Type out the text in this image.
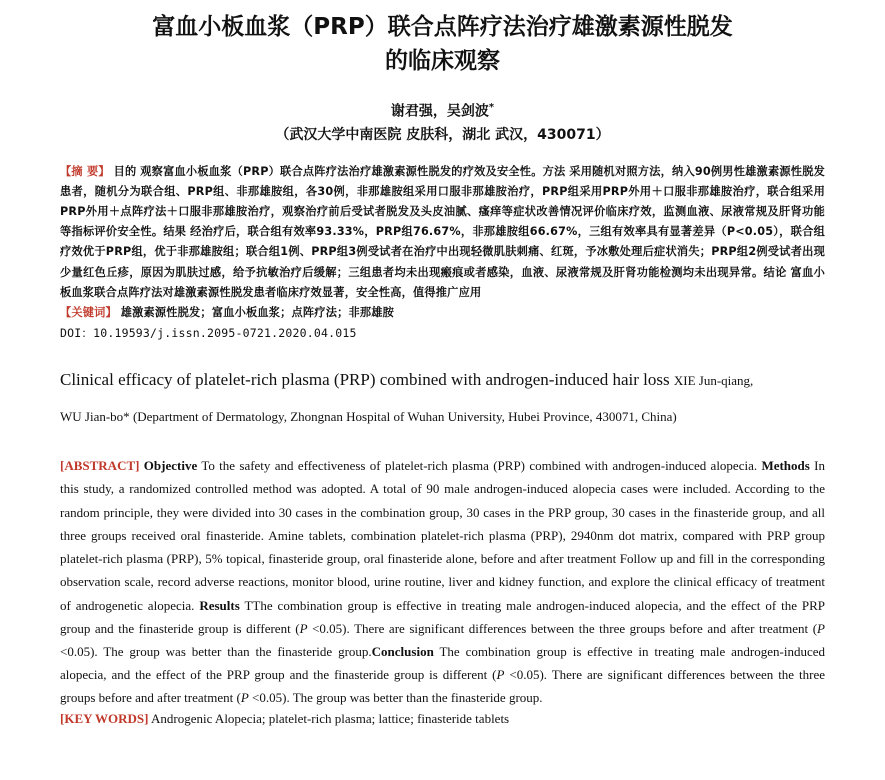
富血小板血浆（PRP）联合点阵疗法治疗雄激素源性脱发
的临床观察
谢君强，吴剑波*
（武汉大学中南医院 皮肤科，湖北 武汉，430071）
【摘 要】 目的 观察富血小板血浆（PRP）联合点阵疗法治疗雄激素源性脱发的疗效及安全性。方法 采用随机对照方法，纳入90例男性雄激素源性脱发患者，随机分为联合组、PRP组、非那雄胺组，各30例，非那雄胺组采用口服非那雄胺治疗，PRP组采用PRP外用＋口服非那雄胺治疗，联合组采用PRP外用＋点阵疗法＋口服非那雄胺治疗，观察治疗前后受试者脱发及头皮油腻、瘙痒等症状改善情况评价临床疗效，监测血液、尿液常规及肝肾功能等指标评价安全性。结果 经治疗后，联合组有效率93.33%，PRP组76.67%，非那雄胺组66.67%，三组有效率具有显著差异（P<0.05），联合组疗效优于PRP组，优于非那雄胺组；联合组1例、PRP组3例受试者在治疗中出现轻微肌肤刺痛、红斑，予冰敷处理后症状消失；PRP组2例受试者出现少量红色丘疹，原因为肌肤过感，给予抗敏治疗后缓解；三组患者均未出现瘢痕或者感染，血液、尿液常规及肝肾功能检测均未出现异常。结论 富血小板血浆联合点阵疗法对雄激素源性脱发患者临床疗效显著，安全性高，值得推广应用
【关键词】 雄激素源性脱发；富血小板血浆；点阵疗法；非那雄胺
DOI：10.19593/j.issn.2095-0721.2020.04.015
Clinical efficacy of platelet-rich plasma (PRP) combined with androgen-induced hair loss XIE Jun-qiang,
WU Jian-bo* (Department of Dermatology, Zhongnan Hospital of Wuhan University, Hubei Province, 430071, China)
[ABSTRACT] Objective To the safety and effectiveness of platelet-rich plasma (PRP) combined with androgen-induced alopecia. Methods In this study, a randomized controlled method was adopted. A total of 90 male androgen-induced alopecia cases were included. According to the random principle, they were divided into 30 cases in the combination group, 30 cases in the PRP group, 30 cases in the finasteride group, and all three groups received oral finasteride. Amine tablets, combination platelet-rich plasma (PRP), 2940nm dot matrix, compared with PRP group platelet-rich plasma (PRP), 5% topical, finasteride group, oral finasteride alone, before and after treatment Follow up and fill in the corresponding observation scale, record adverse reactions, monitor blood, urine routine, liver and kidney function, and explore the clinical efficacy of treatment of androgenetic alopecia. Results TThe combination group is effective in treating male androgen-induced alopecia, and the effect of the PRP group and the finasteride group is different (P <0.05). There are significant differences between the three groups before and after treatment (P <0.05). The group was better than the finasteride group.Conclusion The combination group is effective in treating male androgen-induced alopecia, and the effect of the PRP group and the finasteride group is different (P <0.05). There are significant differences between the three groups before and after treatment (P <0.05). The group was better than the finasteride group.
[KEY WORDS] Androgenic Alopecia; platelet-rich plasma; lattice; finasteride tablets
